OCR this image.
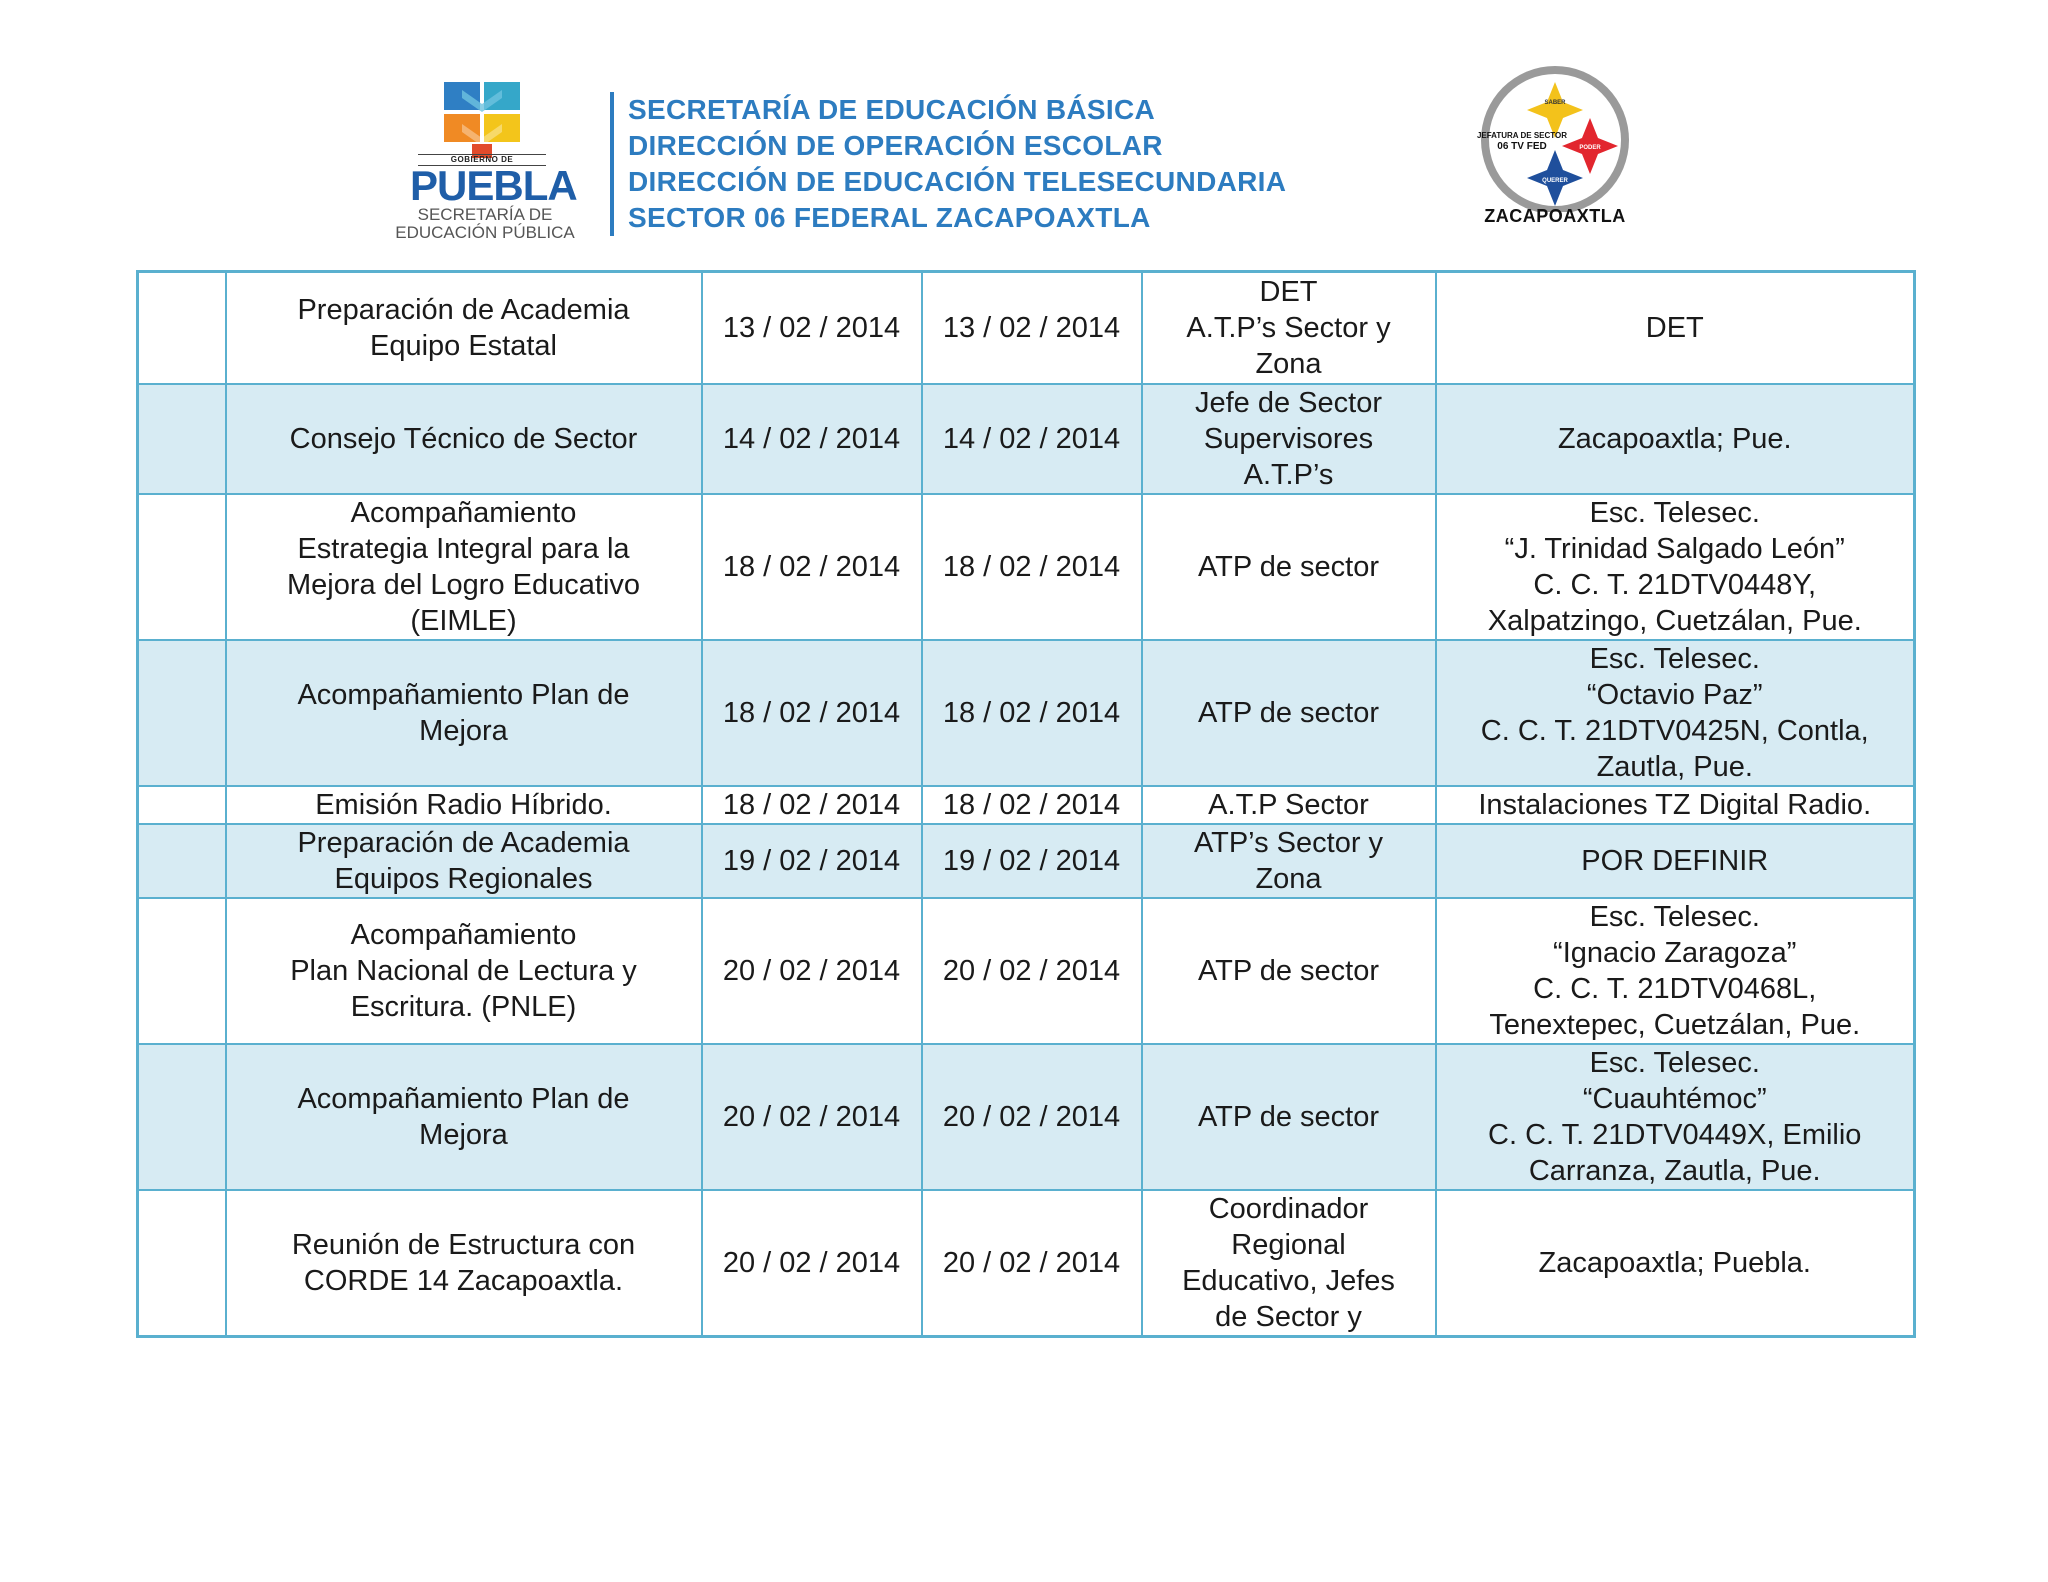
GOBIERNO DE
PUEBLA
SECRETARÍA DE
EDUCACIÓN PÚBLICA
SECRETARÍA DE EDUCACIÓN BÁSICA
DIRECCIÓN DE OPERACIÓN ESCOLAR
DIRECCIÓN DE EDUCACIÓN TELESECUNDARIA
SECTOR 06 FEDERAL ZACAPOAXTLA
SABER
PODER
QUERER
JEFATURA DE SECTOR
06 TV FED
ZACAPOAXTLA

	Preparación de Academia
Equipo Estatal	13 / 02 / 2014	13 / 02 / 2014	DET
A.T.P’s Sector y
Zona	DET

	Consejo Técnico de Sector	14 / 02 / 2014	14 / 02 / 2014	Jefe de Sector
Supervisores
A.T.P’s	Zacapoaxtla; Pue.

	Acompañamiento
Estrategia Integral para la
Mejora del Logro Educativo
(EIMLE)	18 / 02 / 2014	18 / 02 / 2014	ATP de sector	Esc. Telesec.
“J. Trinidad Salgado León”
C. C. T. 21DTV0448Y,
Xalpatzingo, Cuetzálan, Pue.

	Acompañamiento Plan de
Mejora	18 / 02 / 2014	18 / 02 / 2014	ATP de sector	Esc. Telesec.
“Octavio Paz”
C. C. T. 21DTV0425N, Contla,
Zautla, Pue.

	Emisión Radio Híbrido.	18 / 02 / 2014	18 / 02 / 2014	A.T.P Sector	Instalaciones TZ Digital Radio.

	Preparación de Academia
Equipos Regionales	19 / 02 / 2014	19 / 02 / 2014	ATP’s Sector y
Zona	POR DEFINIR

	Acompañamiento
Plan Nacional de Lectura y
Escritura. (PNLE)	20 / 02 / 2014	20 / 02 / 2014	ATP de sector	Esc. Telesec.
“Ignacio Zaragoza”
C. C. T. 21DTV0468L,
Tenextepec, Cuetzálan, Pue.

	Acompañamiento Plan de
Mejora	20 / 02 / 2014	20 / 02 / 2014	ATP de sector	Esc. Telesec.
“Cuauhtémoc”
C. C. T. 21DTV0449X, Emilio
Carranza, Zautla, Pue.

	Reunión de Estructura con
CORDE 14 Zacapoaxtla.	20 / 02 / 2014	20 / 02 / 2014	Coordinador
Regional
Educativo, Jefes
de Sector y	Zacapoaxtla; Puebla.
